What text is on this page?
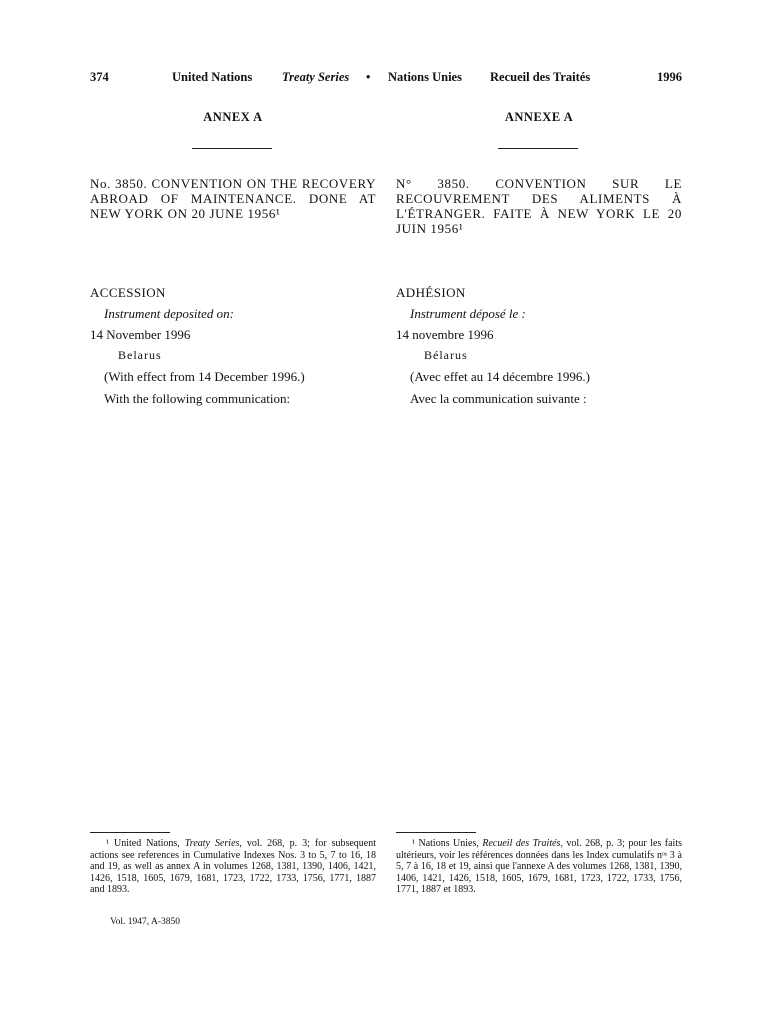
374	United Nations Treaty Series • Nations Unies Recueil des Traités	1996
ANNEX A
No. 3850. CONVENTION ON THE RECOVERY ABROAD OF MAINTENANCE. DONE AT NEW YORK ON 20 JUNE 1956¹
ACCESSION
Instrument deposited on:
14 November 1996
Belarus
(With effect from 14 December 1996.)
With the following communication:
¹ United Nations, Treaty Series, vol. 268, p. 3; for subsequent actions see references in Cumulative Indexes Nos. 3 to 5, 7 to 16, 18 and 19, as well as annex A in volumes 1268, 1381, 1390, 1406, 1421, 1426, 1518, 1605, 1679, 1681, 1723, 1722, 1733, 1756, 1771, 1887 and 1893.
ANNEXE A
N° 3850. CONVENTION SUR LE RECOUVREMENT DES ALIMENTS À L'ÉTRANGER. FAITE À NEW YORK LE 20 JUIN 1956¹
ADHÉSION
Instrument déposé le :
14 novembre 1996
Bélarus
(Avec effet au 14 décembre 1996.)
Avec la communication suivante :
¹ Nations Unies, Recueil des Traités, vol. 268, p. 3; pour les faits ultérieurs, voir les références données dans les Index cumulatifs nᵒˢ 3 à 5, 7 à 16, 18 et 19, ainsi que l'annexe A des volumes 1268, 1381, 1390, 1406, 1421, 1426, 1518, 1605, 1679, 1681, 1723, 1722, 1733, 1756, 1771, 1887 et 1893.
Vol. 1947, A-3850
